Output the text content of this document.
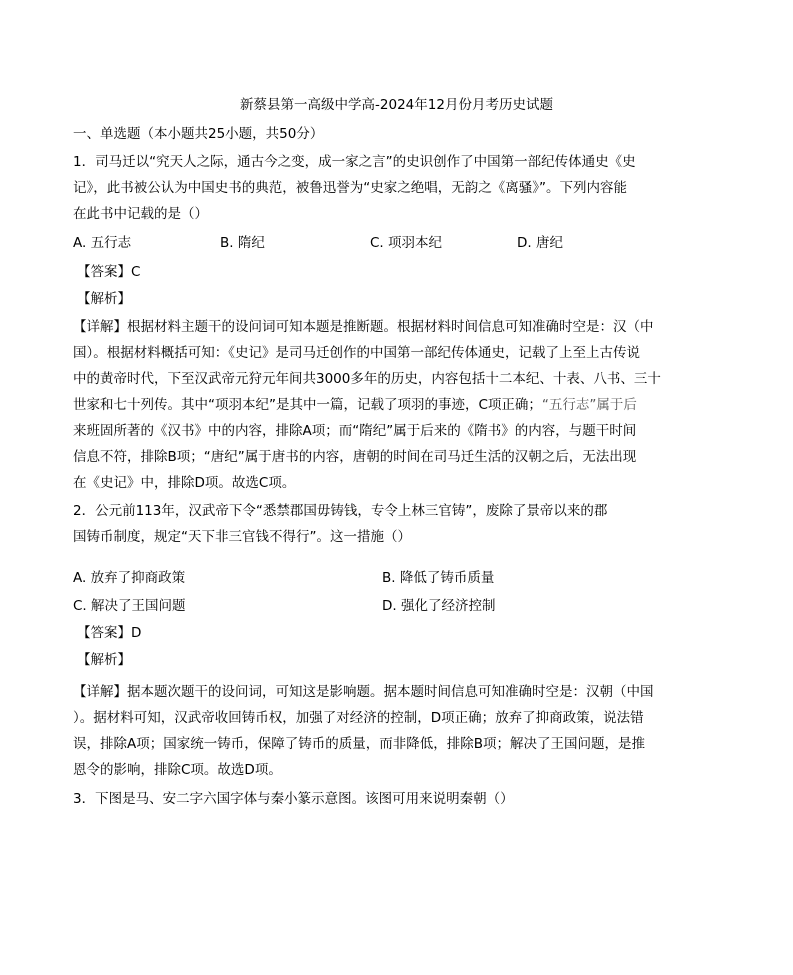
新蔡县第一高级中学高-2024年12月份月考历史试题
一、单选题（本小题共25小题，共50分）
1．司马迁以“究天人之际，通古今之变，成一家之言”的史识创作了中国第一部纪传体通史《史
记》，此书被公认为中国史书的典范，被鲁迅誉为“史家之绝唱，无韵之《离骚》”。下列内容能
在此书中记载的是（）
A. 五行志	B. 隋纪	C. 项羽本纪	D. 唐纪
【答案】C
【解析】
【详解】根据材料主题干的设问词可知本题是推断题。根据材料时间信息可知准确时空是：汉（中
国）。根据材料概括可知：《史记》是司马迁创作的中国第一部纪传体通史，记载了上至上古传说
中的黄帝时代，下至汉武帝元狩元年间共3000多年的历史，内容包括十二本纪、十表、八书、三十
世家和七十列传。其中“项羽本纪”是其中一篇，记载了项羽的事迹，C项正确；“五行志”属于后
来班固所著的《汉书》中的内容，排除A项；而“隋纪”属于后来的《隋书》的内容，与题干时间
信息不符，排除B项；“唐纪”属于唐书的内容，唐朝的时间在司马迁生活的汉朝之后，无法出现
在《史记》中，排除D项。故选C项。
2．公元前113年，汉武帝下令“悉禁郡国毋铸钱，专令上林三官铸”，废除了景帝以来的郡
国铸币制度，规定“天下非三官钱不得行”。这一措施（）
A. 放弃了抑商政策	B. 降低了铸币质量
C. 解决了王国问题	D. 强化了经济控制
【答案】D
【解析】
【详解】据本题次题干的设问词，可知这是影响题。据本题时间信息可知准确时空是：汉朝（中国
）。据材料可知，汉武帝收回铸币权，加强了对经济的控制，D项正确；放弃了抑商政策，说法错
误，排除A项；国家统一铸币，保障了铸币的质量，而非降低，排除B项；解决了王国问题，是推
恩令的影响，排除C项。故选D项。
3．下图是马、安二字六国字体与秦小篆示意图。该图可用来说明秦朝（）
